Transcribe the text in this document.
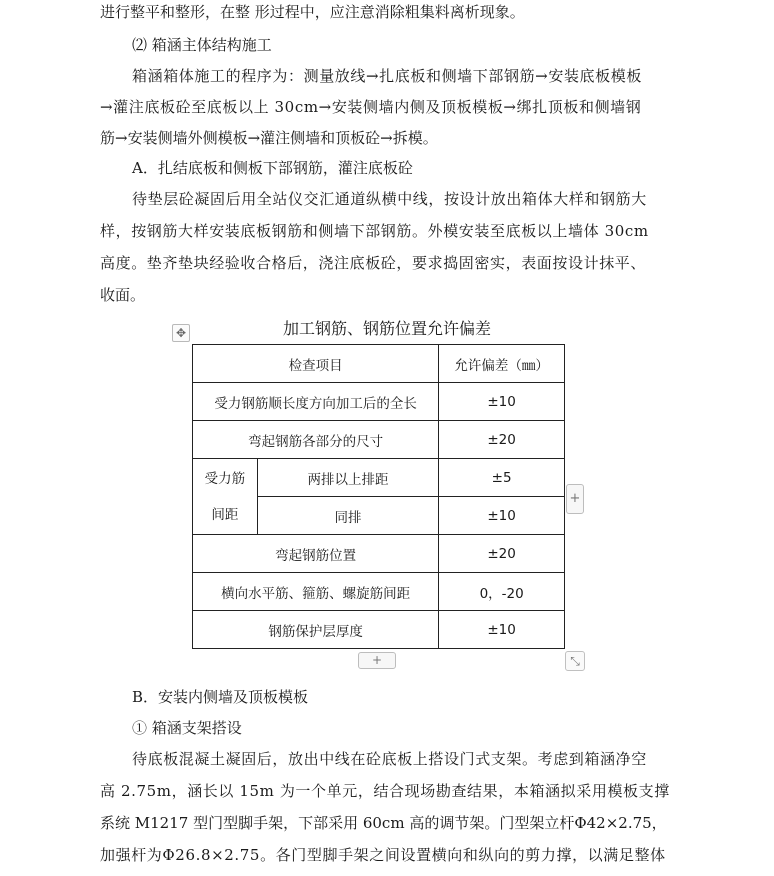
进行整平和整形，在整 形过程中，应注意消除粗集料离析现象。
⑵ 箱涵主体结构施工
箱涵箱体施工的程序为：测量放线→扎底板和侧墙下部钢筋→安装底板模板
→灌注底板砼至底板以上 30cm→安装侧墙内侧及顶板模板→绑扎顶板和侧墙钢
筋→安装侧墙外侧模板→灌注侧墙和顶板砼→拆模。
A．扎结底板和侧板下部钢筋，灌注底板砼
待垫层砼凝固后用全站仪交汇通道纵横中线，按设计放出箱体大样和钢筋大
样，按钢筋大样安装底板钢筋和侧墙下部钢筋。外模安装至底板以上墙体 30cm
高度。垫齐垫块经验收合格后，浇注底板砼，要求捣固密实，表面按设计抹平、
收面。
加工钢筋、钢筋位置允许偏差
✥
检查项目		允许偏差（㎜）
受力钢筋顺长度方向加工后的全长		±10
弯起钢筋各部分的尺寸		±20

受力筋
间距	两排以上排距	±5
	同排	±10
弯起钢筋位置		±20
横向水平筋、箍筋、螺旋筋间距		0，-20
钢筋保护层厚度		±10
+
+	⤡
B．安装内侧墙及顶板模板
① 箱涵支架搭设
待底板混凝土凝固后，放出中线在砼底板上搭设门式支架。考虑到箱涵净空
高 2.75m，涵长以 15m 为一个单元，结合现场勘查结果，本箱涵拟采用模板支撑
系统 M1217 型门型脚手架，下部采用 60cm 高的调节架。门型架立杆Φ42×2.75，
加强杆为Φ26.8×2.75。各门型脚手架之间设置横向和纵向的剪力撑，以满足整体
